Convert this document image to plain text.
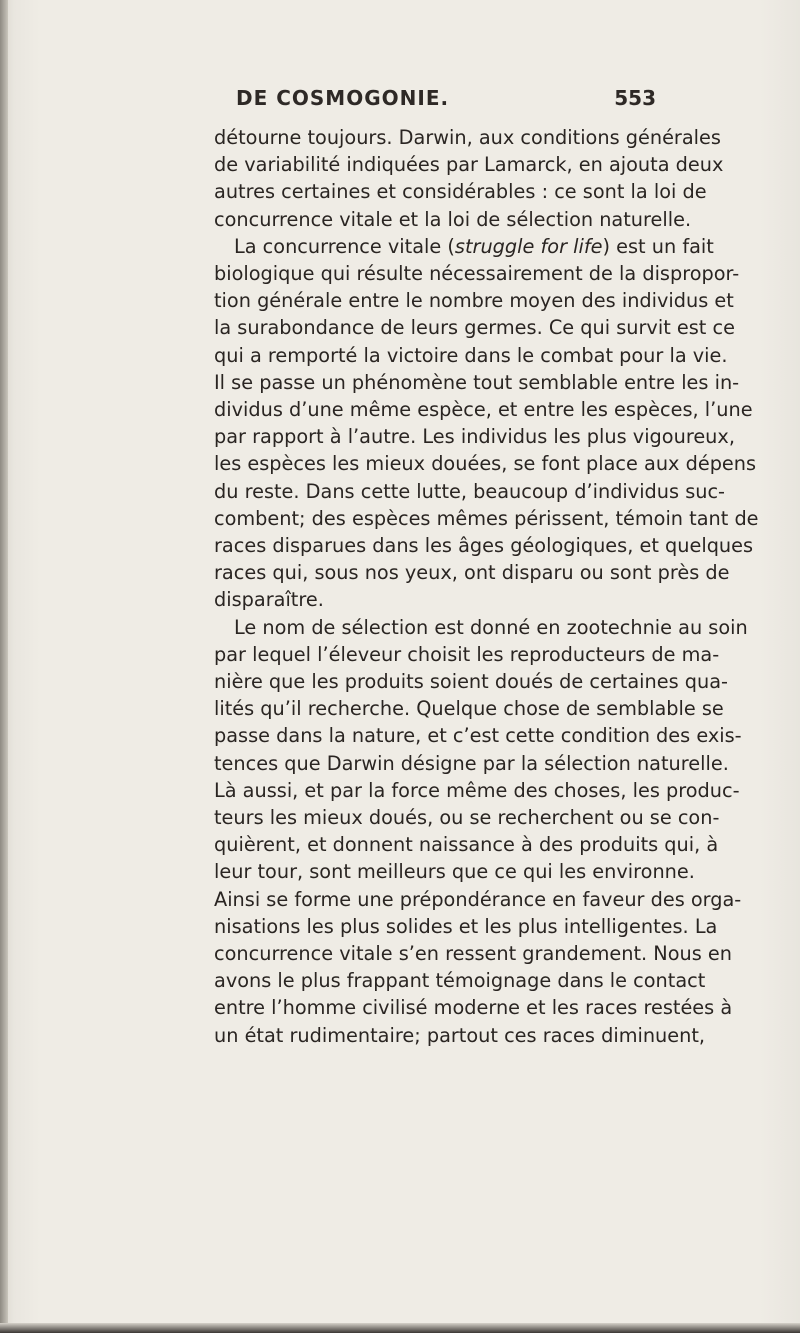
DE COSMOGONIE.	553
détourne toujours. Darwin, aux conditions générales
de variabilité indiquées par Lamarck, en ajouta deux
autres certaines et considérables : ce sont la loi de
concurrence vitale et la loi de sélection naturelle.
La concurrence vitale (struggle for life) est un fait
biologique qui résulte nécessairement de la dispropor-
tion générale entre le nombre moyen des individus et
la surabondance de leurs germes. Ce qui survit est ce
qui a remporté la victoire dans le combat pour la vie.
Il se passe un phénomène tout semblable entre les in-
dividus d’une même espèce, et entre les espèces, l’une
par rapport à l’autre. Les individus les plus vigoureux,
les espèces les mieux douées, se font place aux dépens
du reste. Dans cette lutte, beaucoup d’individus suc-
combent; des espèces mêmes périssent, témoin tant de
races disparues dans les âges géologiques, et quelques
races qui, sous nos yeux, ont disparu ou sont près de
disparaître.
Le nom de sélection est donné en zootechnie au soin
par lequel l’éleveur choisit les reproducteurs de ma-
nière que les produits soient doués de certaines qua-
lités qu’il recherche. Quelque chose de semblable se
passe dans la nature, et c’est cette condition des exis-
tences que Darwin désigne par la sélection naturelle.
Là aussi, et par la force même des choses, les produc-
teurs les mieux doués, ou se recherchent ou se con-
quièrent, et donnent naissance à des produits qui, à
leur tour, sont meilleurs que ce qui les environne.
Ainsi se forme une prépondérance en faveur des orga-
nisations les plus solides et les plus intelligentes. La
concurrence vitale s’en ressent grandement. Nous en
avons le plus frappant témoignage dans le contact
entre l’homme civilisé moderne et les races restées à
un état rudimentaire; partout ces races diminuent,
